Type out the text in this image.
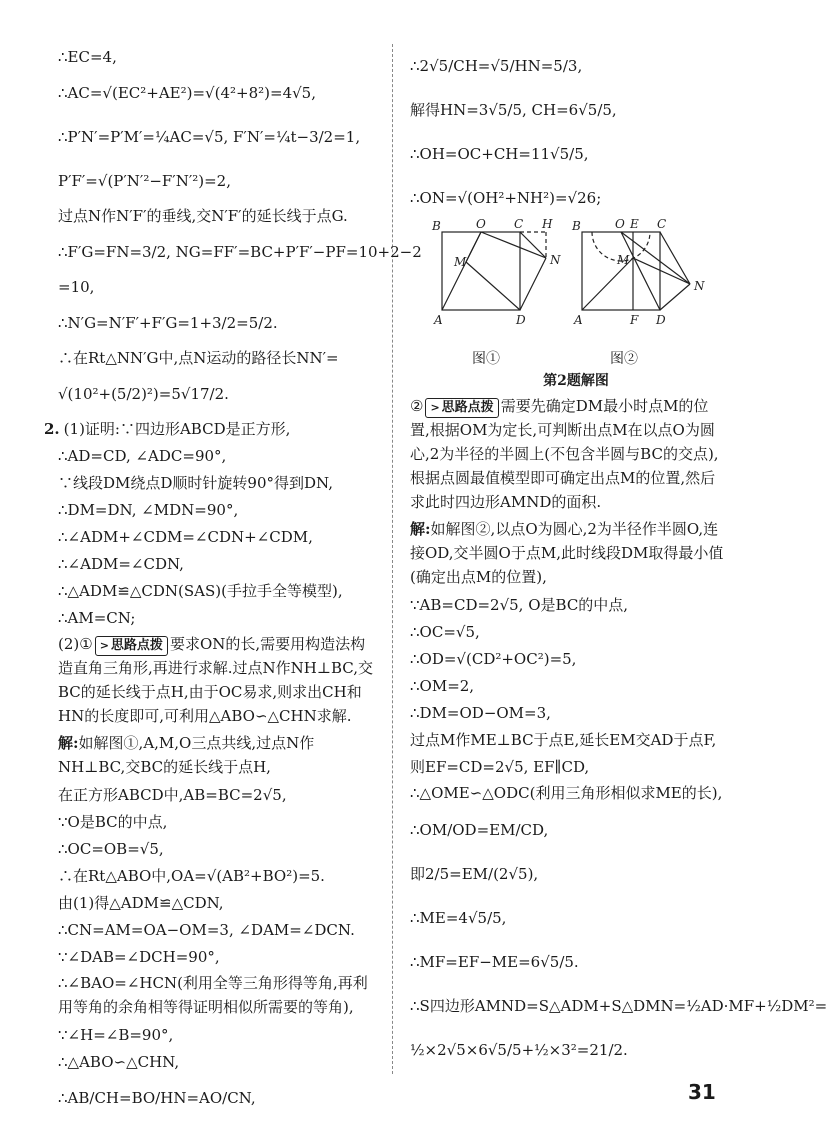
∴EC=4,
∴AC=√(EC²+AE²)=√(4²+8²)=4√5,
∴P′N′=P′M′=¼AC=√5, F′N′=¼t−3/2=1,
P′F′=√(P′N′²−F′N′²)=2,
过点N作N′F′的垂线,交N′F′的延长线于点G.
∴F′G=FN=3/2, NG=FF′=BC+P′F′−PF=10+2−2
=10,
∴N′G=N′F′+F′G=1+3/2=5/2.
∴在Rt△NN′G中,点N运动的路径长NN′=
√(10²+(5/2)²)=5√17/2.
2. (1)证明:∵四边形ABCD是正方形,
∴AD=CD, ∠ADC=90°,
∵线段DM绕点D顺时针旋转90°得到DN,
∴DM=DN, ∠MDN=90°,
∴∠ADM+∠CDM=∠CDN+∠CDM,
∴∠ADM=∠CDN,
∴△ADM≌△CDN(SAS)(手拉手全等模型),
∴AM=CN;
(2)① > 思路点拨 要求ON的长,需要用构造法构造直角三角形,再进行求解.过点N作NH⊥BC,交BC的延长线于点H,由于OC易求,则求出CH和HN的长度即可,可利用△ABO∽△CHN求解.
解:如解图①,A,M,O三点共线,过点N作NH⊥BC,交BC的延长线于点H,
在正方形ABCD中,AB=BC=2√5,
∵O是BC的中点,
∴OC=OB=√5,
∴在Rt△ABO中,OA=√(AB²+BO²)=5.
由(1)得△ADM≌△CDN,
∴CN=AM=OA−OM=3, ∠DAM=∠DCN.
∵∠DAB=∠DCH=90°,
∴∠BAO=∠HCN(利用全等三角形得等角,再利用等角的余角相等得证明相似所需要的等角),
∵∠H=∠B=90°,
∴△ABO∽△CHN,
∴AB/CH=BO/HN=AO/CN,
∴2√5/CH=√5/HN=5/3,
解得HN=3√5/5, CH=6√5/5,
∴OH=OC+CH=11√5/5,
∴ON=√(OH²+NH²)=√26;
B	O C H
M	N
A	D
B	O E C
M
N
A	F D
图①	图②
第2题解图
② > 思路点拨 需要先确定DM最小时点M的位置,根据OM为定长,可判断出点M在以点O为圆心,2为半径的半圆上(不包含半圆与BC的交点),根据点圆最值模型即可确定出点M的位置,然后求此时四边形AMND的面积.
解:如解图②,以点O为圆心,2为半径作半圆O,连接OD,交半圆O于点M,此时线段DM取得最小值(确定出点M的位置),
∵AB=CD=2√5, O是BC的中点,
∴OC=√5,
∴OD=√(CD²+OC²)=5,
∴OM=2,
∴DM=OD−OM=3,
过点M作ME⊥BC于点E,延长EM交AD于点F,
则EF=CD=2√5, EF∥CD,
∴△OME∽△ODC(利用三角形相似求ME的长),
∴OM/OD=EM/CD,
即2/5=EM/(2√5),
∴ME=4√5/5,
∴MF=EF−ME=6√5/5.
∴S四边形AMND=S△ADM+S△DMN=½AD·MF+½DM²=
½×2√5×6√5/5+½×3²=21/2.
31
